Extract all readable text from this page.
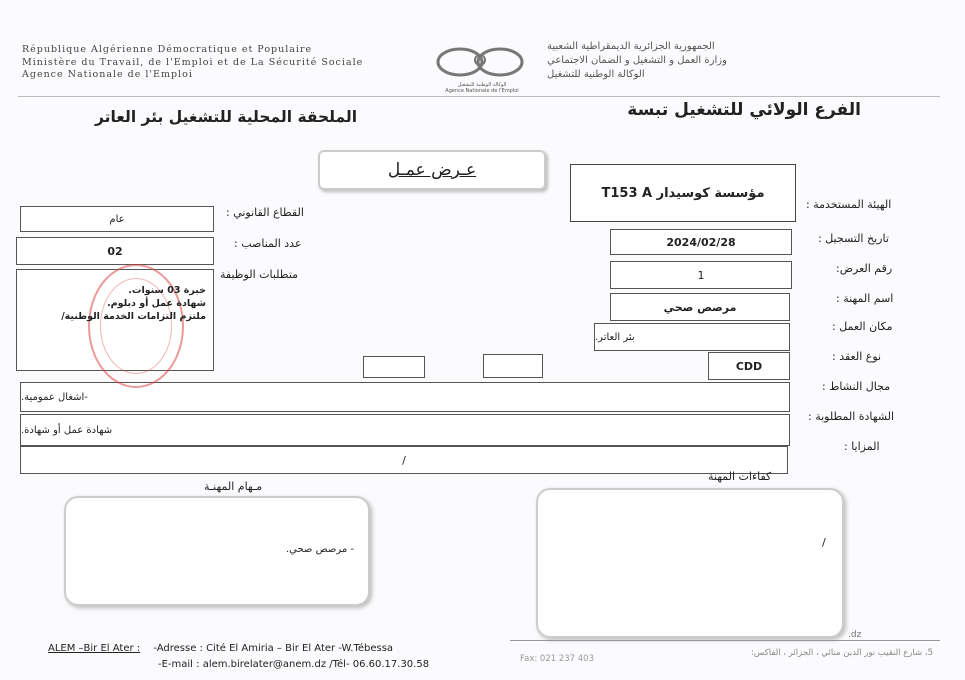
République Algérienne Démocratique et Populaire
Ministère du Travail, de l'Emploi et de La Sécurité Sociale
Agence Nationale de l'Emploi
الوكالة الوطنية للتشغيل
Agence Nationale de l'Emploi
الجمهورية الجزائرية الديمقراطية الشعبية
وزارة العمل و التشغيل و الضمان الاجتماعي
الوكالة الوطنية للتشغيل
الفرع الولائي للتشغيل تبسة
الملحقة المحلية للتشغيل بئر العاتر
عـرض عمـل
مؤسسة كوسيدار T153 A
الهيئة المستخدمة :
2024/02/28	تاريخ التسجيل :
1	رقم العرض:
مرصص صحي
اسم المهنة :
بئر العاتر.
مكان العمل :
CDD
نوع العقد :
-اشغال عمومية.
مجال النشاط :
شهادة عمل أو شهادة.
الشهادة المطلوبة :
/
المزايا :
عام	القطاع القانوني :
02
عدد المناصب :
خبرة 03 سنوات.
شهادة عمل أو دبلوم.
ملتزم التزامات الخدمة الوطنية/
متطلبات الوظيفة
كفاءات المهنة
مـهام المهنـة
- مرصص صحي.
/
.dz
5، شارع النقيب نور الدين منائي ، الجزائر ، الفاكس:
Fax: 021 237 403
ALEM –Bir El Ater : -Adresse : Cité El Amiria – Bir El Ater -W.Tébessa
-E-mail : alem.birelater@anem.dz /Tél- 06.60.17.30.58
